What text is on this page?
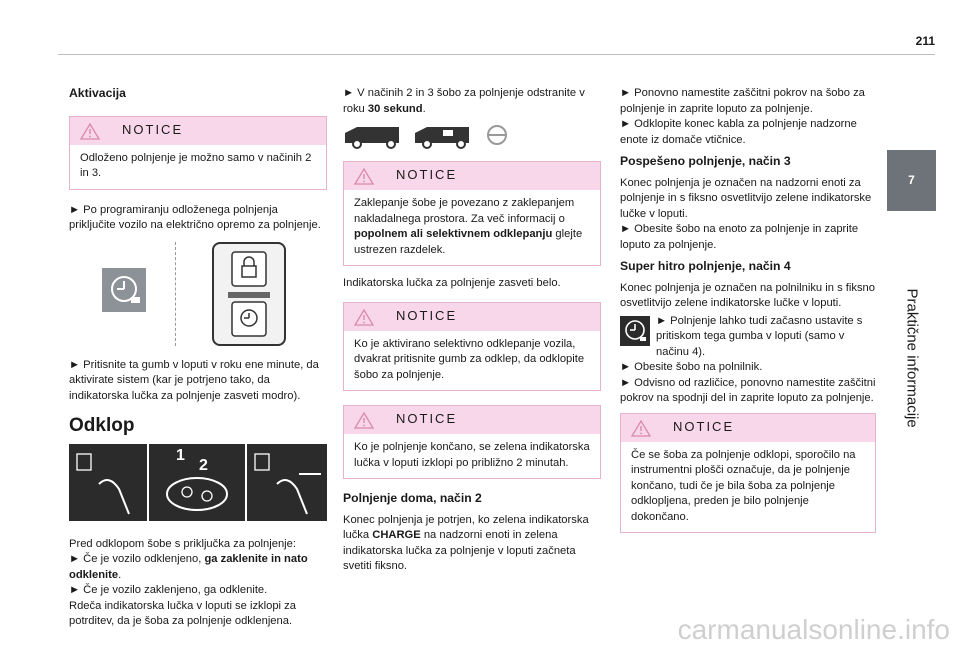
211
7
Praktične informacije
Aktivacija
NOTICE
Odloženo polnjenje je možno samo v načinih 2 in 3.

► Po programiranju odloženega polnjenja priključite vozilo na električno opremo za polnjenje.

► Pritisnite ta gumb v loputi v roku ene minute, da aktivirate sistem (kar je potrjeno tako, da indikatorska lučka za polnjenje zasveti modro).

Odklop
1
2

Pred odklopom šobe s priključka za polnjenje:

► Če je vozilo odklenjeno, ga zaklenite in nato odklenite.

► Če je vozilo zaklenjeno, ga odklenite.

Rdeča indikatorska lučka v loputi se izklopi za potrditev, da je šoba za polnjenje odklenjena.

► V načinih 2 in 3 šobo za polnjenje odstranite v roku 30 sekund.

NOTICE
Zaklepanje šobe je povezano z zaklepanjem nakladalnega prostora. Za več informacij o popolnem ali selektivnem odklepanju glejte ustrezen razdelek.

Indikatorska lučka za polnjenje zasveti belo.

NOTICE
Ko je aktivirano selektivno odklepanje vozila, dvakrat pritisnite gumb za odklep, da odklopite šobo za polnjenje.
NOTICE
Ko je polnjenje končano, se zelena indikatorska lučka v loputi izklopi po približno 2 minutah.
Polnjenje doma, način 2

Konec polnjenja je potrjen, ko zelena indikatorska lučka CHARGE na nadzorni enoti in zelena indikatorska lučka za polnjenje v loputi začneta svetiti fiksno.

► Ponovno namestite zaščitni pokrov na šobo za polnjenje in zaprite loputo za polnjenje.

► Odklopite konec kabla za polnjenje nadzorne enote iz domače vtičnice.

Pospešeno polnjenje, način 3

Konec polnjenja je označen na nadzorni enoti za polnjenje in s fiksno osvetlitvijo zelene indikatorske lučke v loputi.

► Obesite šobo na enoto za polnjenje in zaprite loputo za polnjenje.

Super hitro polnjenje, način 4

Konec polnjenja je označen na polnilniku in s fiksno osvetlitvijo zelene indikatorske lučke v loputi.

► Polnjenje lahko tudi začasno ustavite s pritiskom tega gumba v loputi (samo v načinu 4).

► Obesite šobo na polnilnik.

► Odvisno od različice, ponovno namestite zaščitni pokrov na spodnji del in zaprite loputo za polnjenje.

NOTICE
Če se šoba za polnjenje odklopi, sporočilo na instrumentni plošči označuje, da je polnjenje končano, tudi če je bila šoba za polnjenje odklopljena, preden je bilo polnjenje dokončano.
carmanualsonline.info
